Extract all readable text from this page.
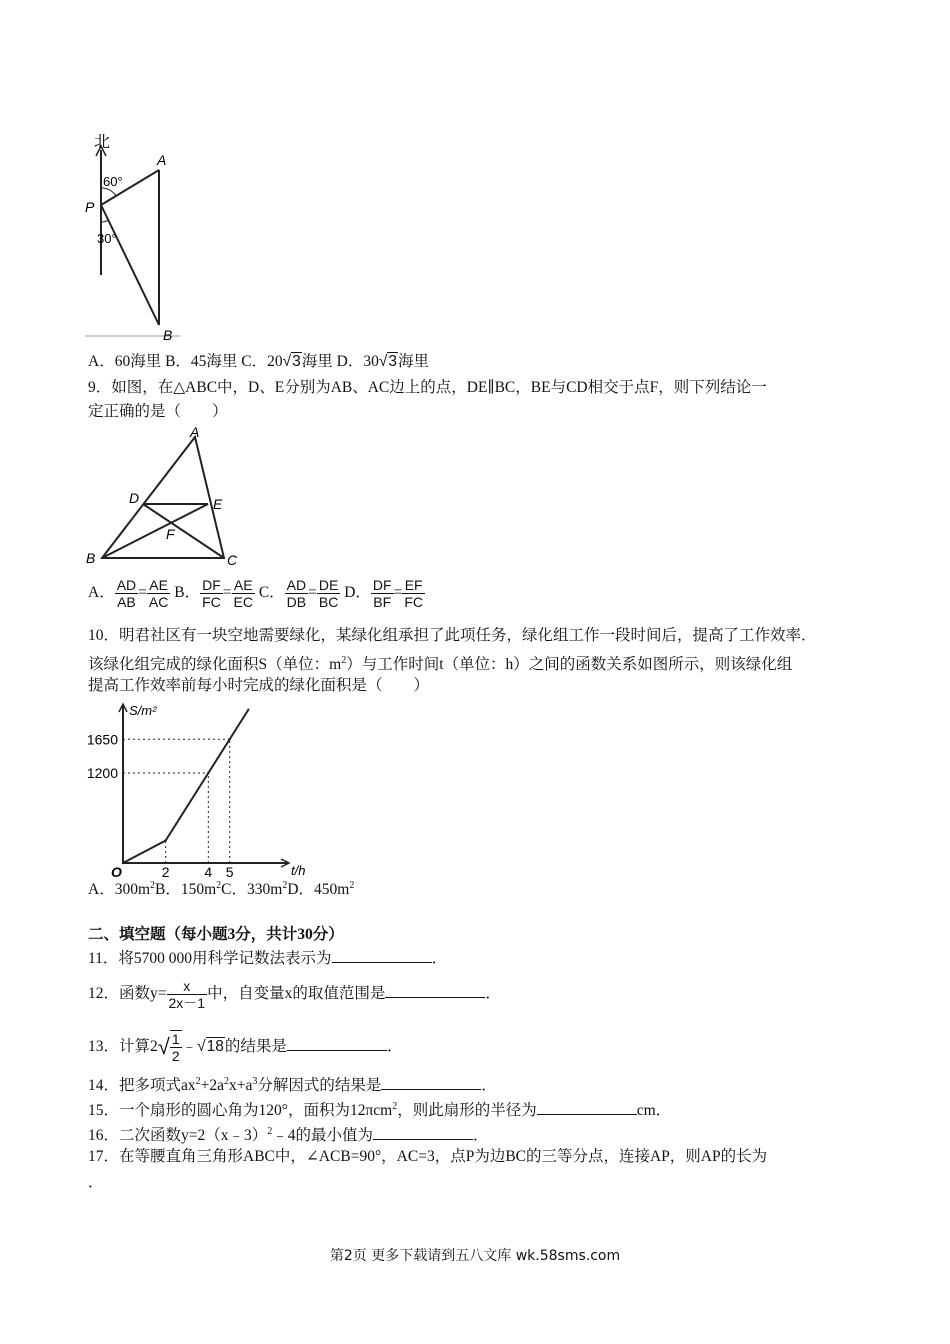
北
A
P
B
60°
30°
A．60海里 B．45海里 C．20√3海里 D．30√3海里
9．如图，在△ABC中，D、E分别为AB、AC边上的点，DE∥BC，BE与CD相交于点F，则下列结论一
定正确的是（　　）
A
B	C
D	E
F
A． $\frac{AD}{AB} = \frac{AE}{AC}$ B． $\frac{DF}{FC} = \frac{AE}{EC}$ C． $\frac{AD}{DB} = \frac{DE}{BC}$ D． $\frac{DF}{BF} = \frac{EF}{FC}$
10．明君社区有一块空地需要绿化，某绿化组承担了此项任务，绿化组工作一段时间后，提高了工作效率．
该绿化组完成的绿化面积S（单位：$m^2$）与工作时间t（单位：h）之间的函数关系如图所示，则该绿化组
提高工作效率前每小时完成的绿化面积是（　　）
1200
1650
2 4 5
O	t/h
S/m²
A．$300m^2B$．$150m^2C$．$330m^2D$．$450m^2$
二、填空题（每小题3分，共计30分）
11．将5700 000用科学记数法表示为	．
12．函数$y= \frac{x}{2x-1}$ 中，自变量x的取值范围是	．
13．计算$2√ \frac{1}{2}$ ﹣√18的结果是	．
14．把多项式$ax^2+2a^2x+a^3$分解因式的结果是	．
15．一个扇形的圆心角为120°，面积为12πcm$^2$，则此扇形的半径为	cm．
16．二次函数y=2（x﹣3）$^2$﹣4的最小值为	．
17．在等腰直角三角形ABC中，∠ACB=90°，AC=3，点P为边BC的三等分点，连接AP，则AP的长为
．
第2页 更多下载请到五八文库 wk.58sms.com
